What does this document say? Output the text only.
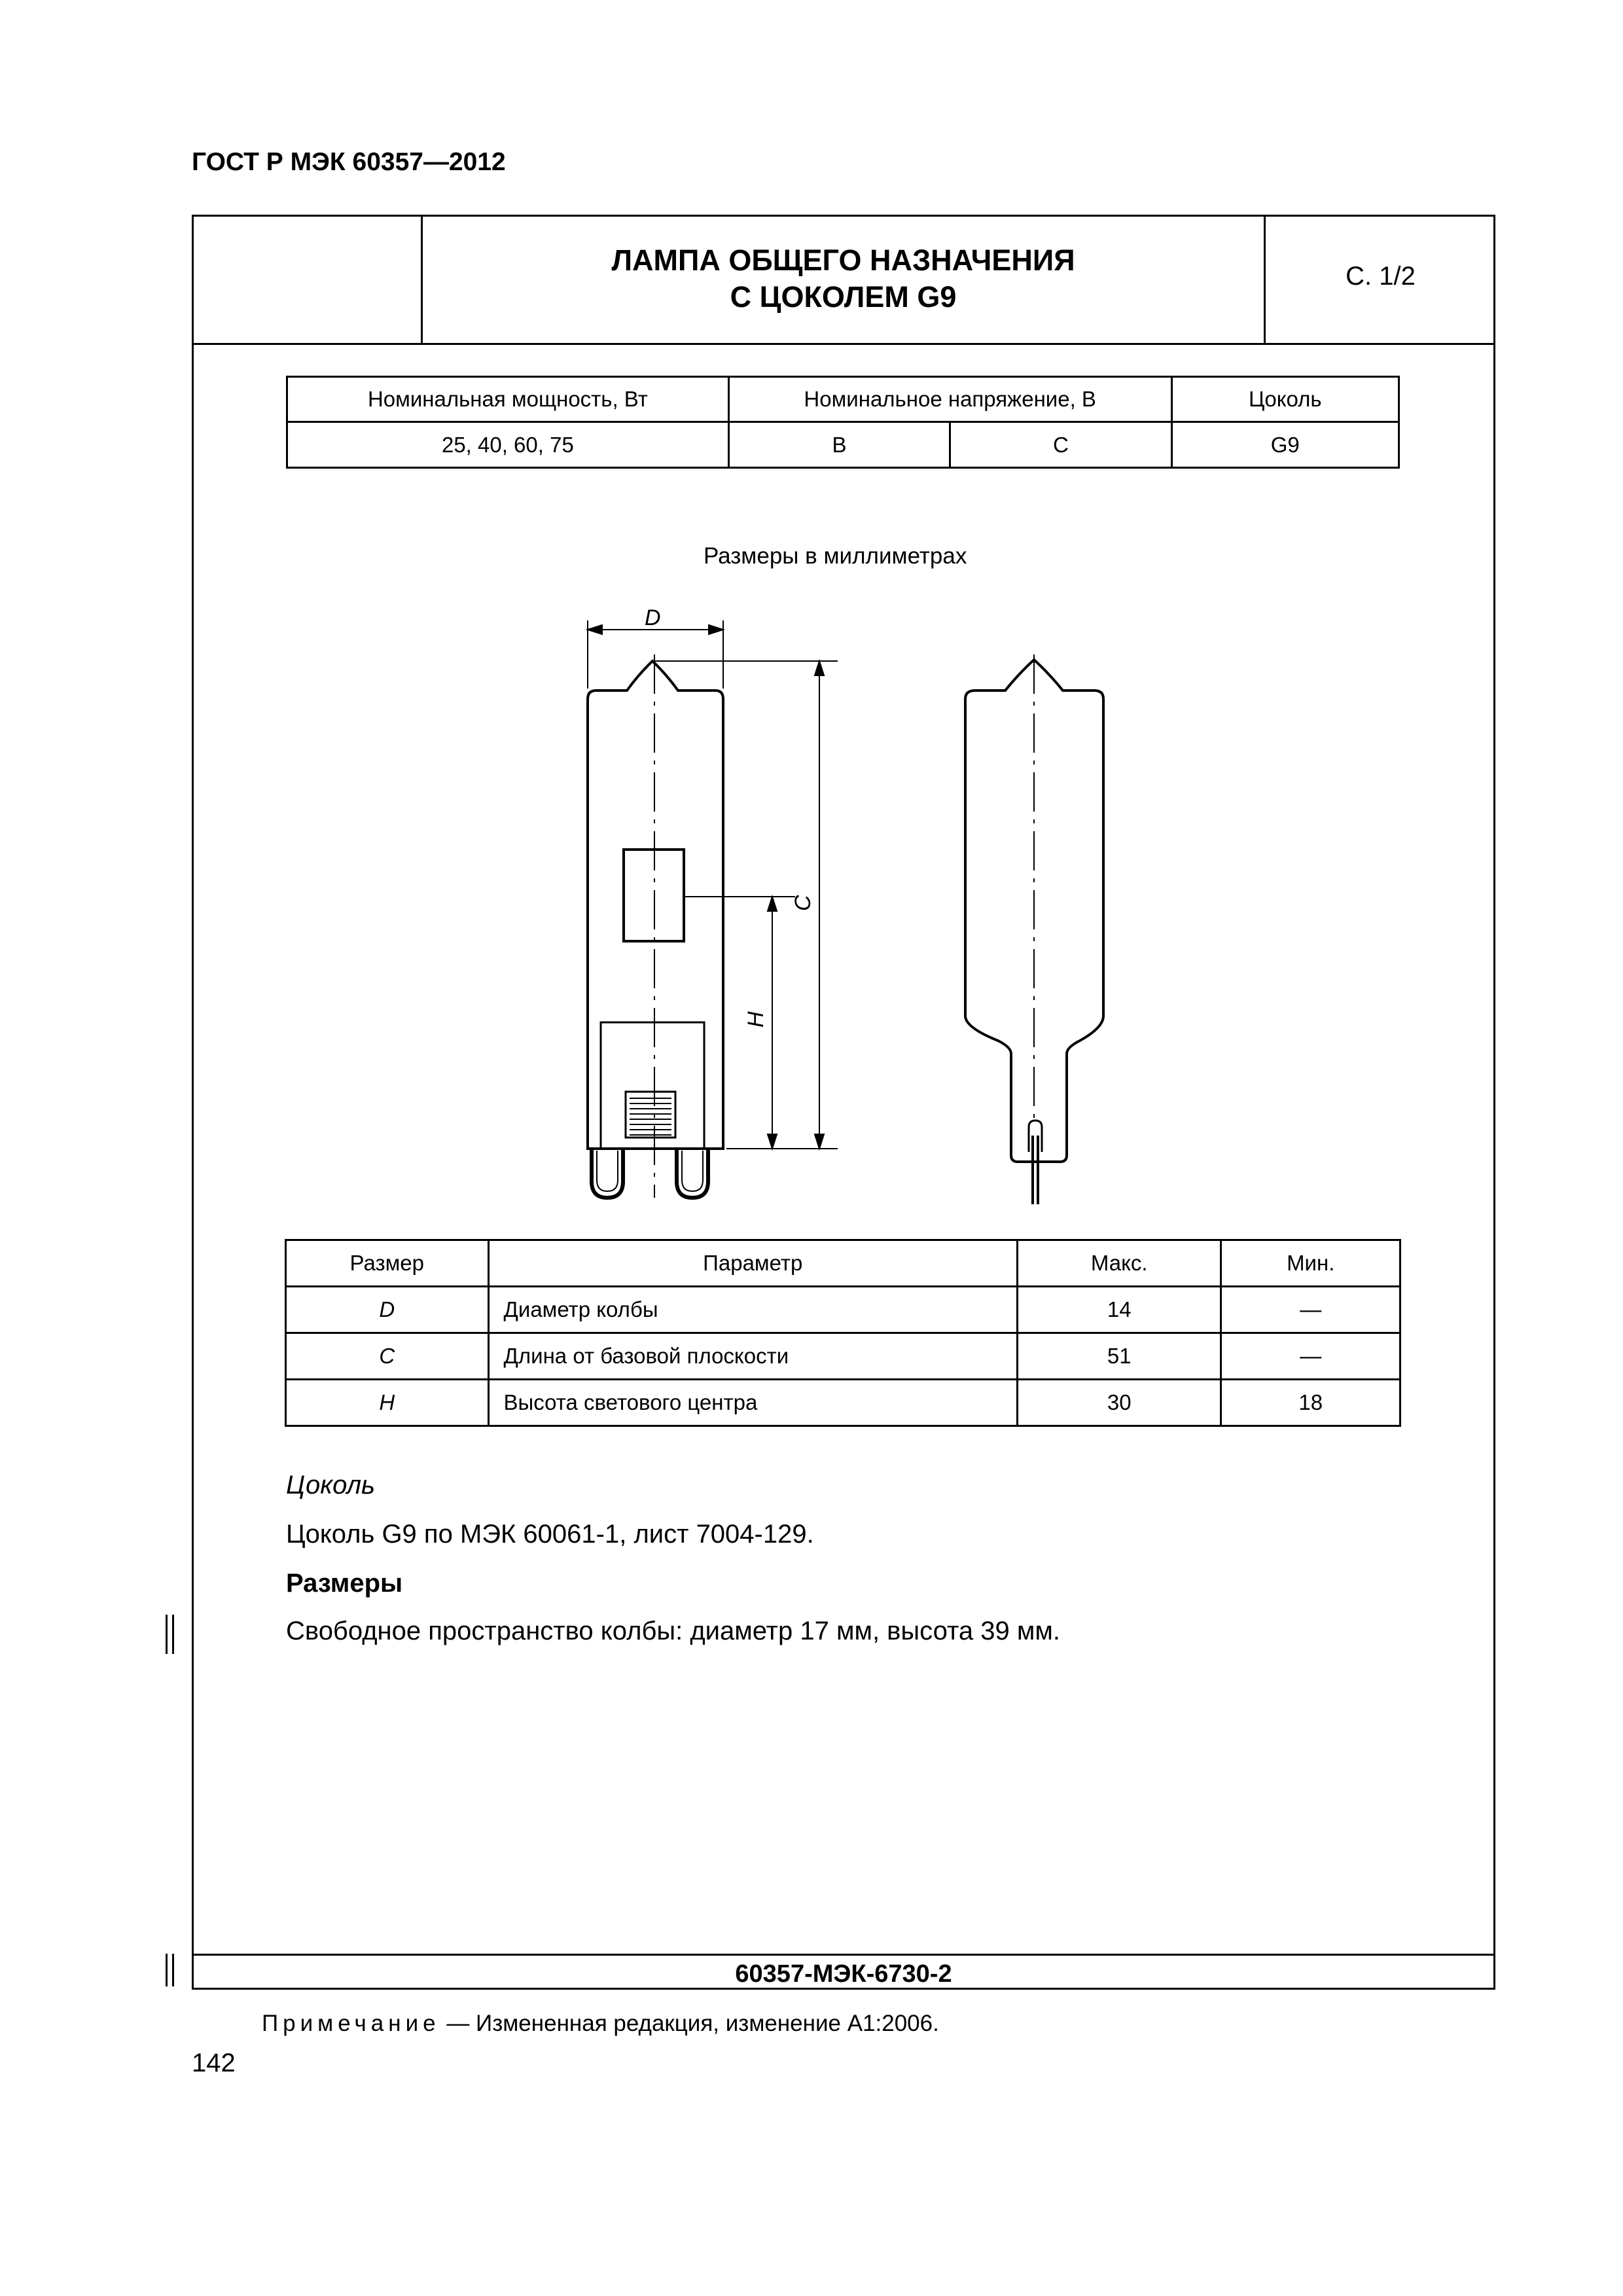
ГОСТ Р МЭК 60357—2012
ЛАМПА ОБЩЕГО НАЗНАЧЕНИЯ
С ЦОКОЛЕМ G9
С. 1/2
Номинальная мощность, Вт	Номинальное напряжение, В		Цоколь
25, 40, 60, 75	B	C	G9
Размеры в миллиметрах
D
C
H
Размер	Параметр	Макс.	Мин.
D	Диаметр колбы	14	—
C	Длина от базовой плоскости	51	—
H	Высота светового центра	30	18
Цоколь
Цоколь G9 по МЭК 60061-1, лист 7004-129.
Размеры
Свободное пространство колбы: диаметр 17 мм, высота 39 мм.
60357-МЭК-6730-2
Примечание — Измененная редакция, изменение А1:2006.
142
